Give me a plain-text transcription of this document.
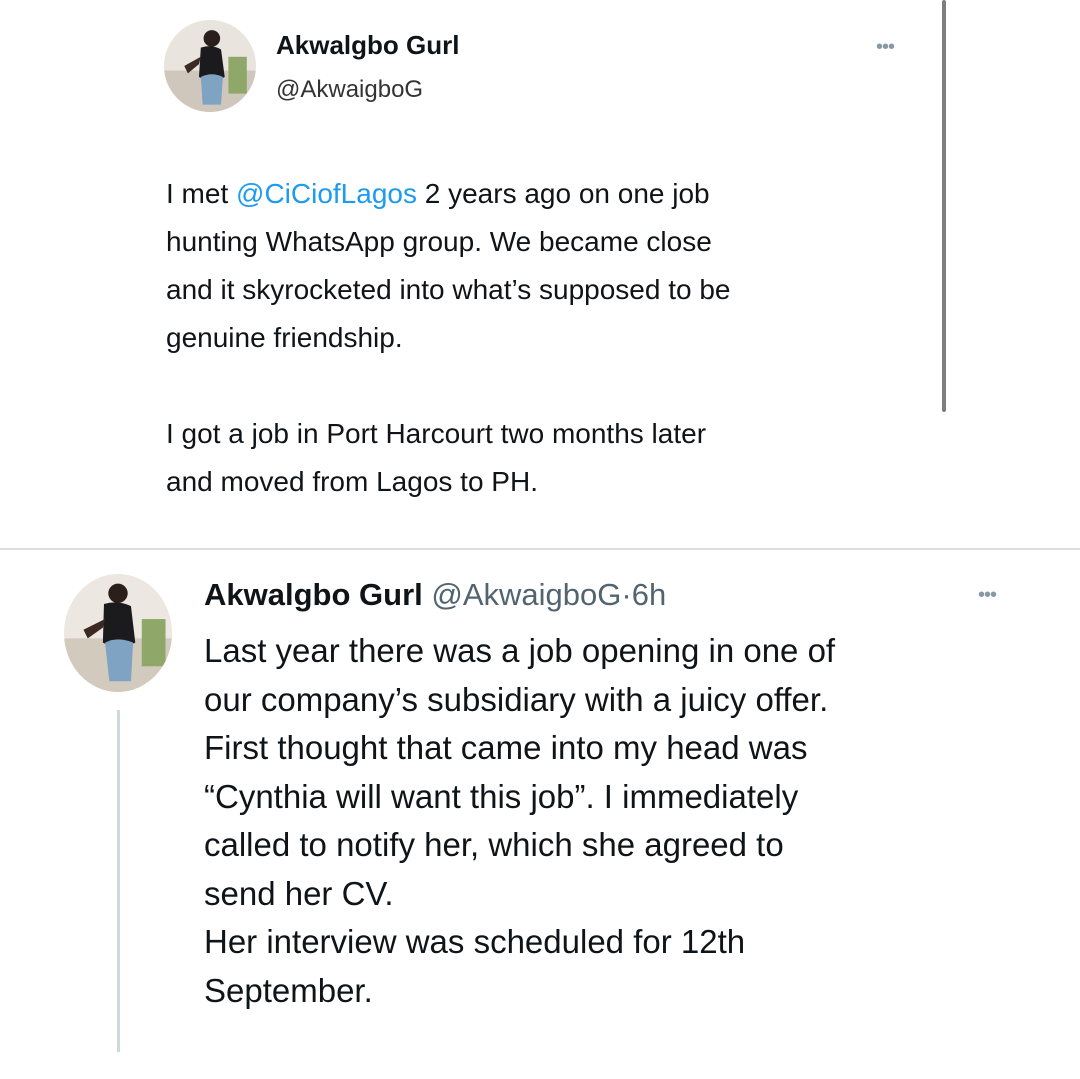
Akwalgbo Gurl
@AkwaigboG
•••
I met @CiCiofLagos 2 years ago on one job
hunting WhatsApp group. We became close
and it skyrocketed into what’s supposed to be
genuine friendship.

I got a job in Port Harcourt two months later
and moved from Lagos to PH.
Akwalgbo Gurl @AkwaigboG·6h	•••
Last year there was a job opening in one of
our company’s subsidiary with a juicy offer.
First thought that came into my head was
“Cynthia will want this job”. I immediately
called to notify her, which she agreed to
send her CV.
Her interview was scheduled for 12th
September.
